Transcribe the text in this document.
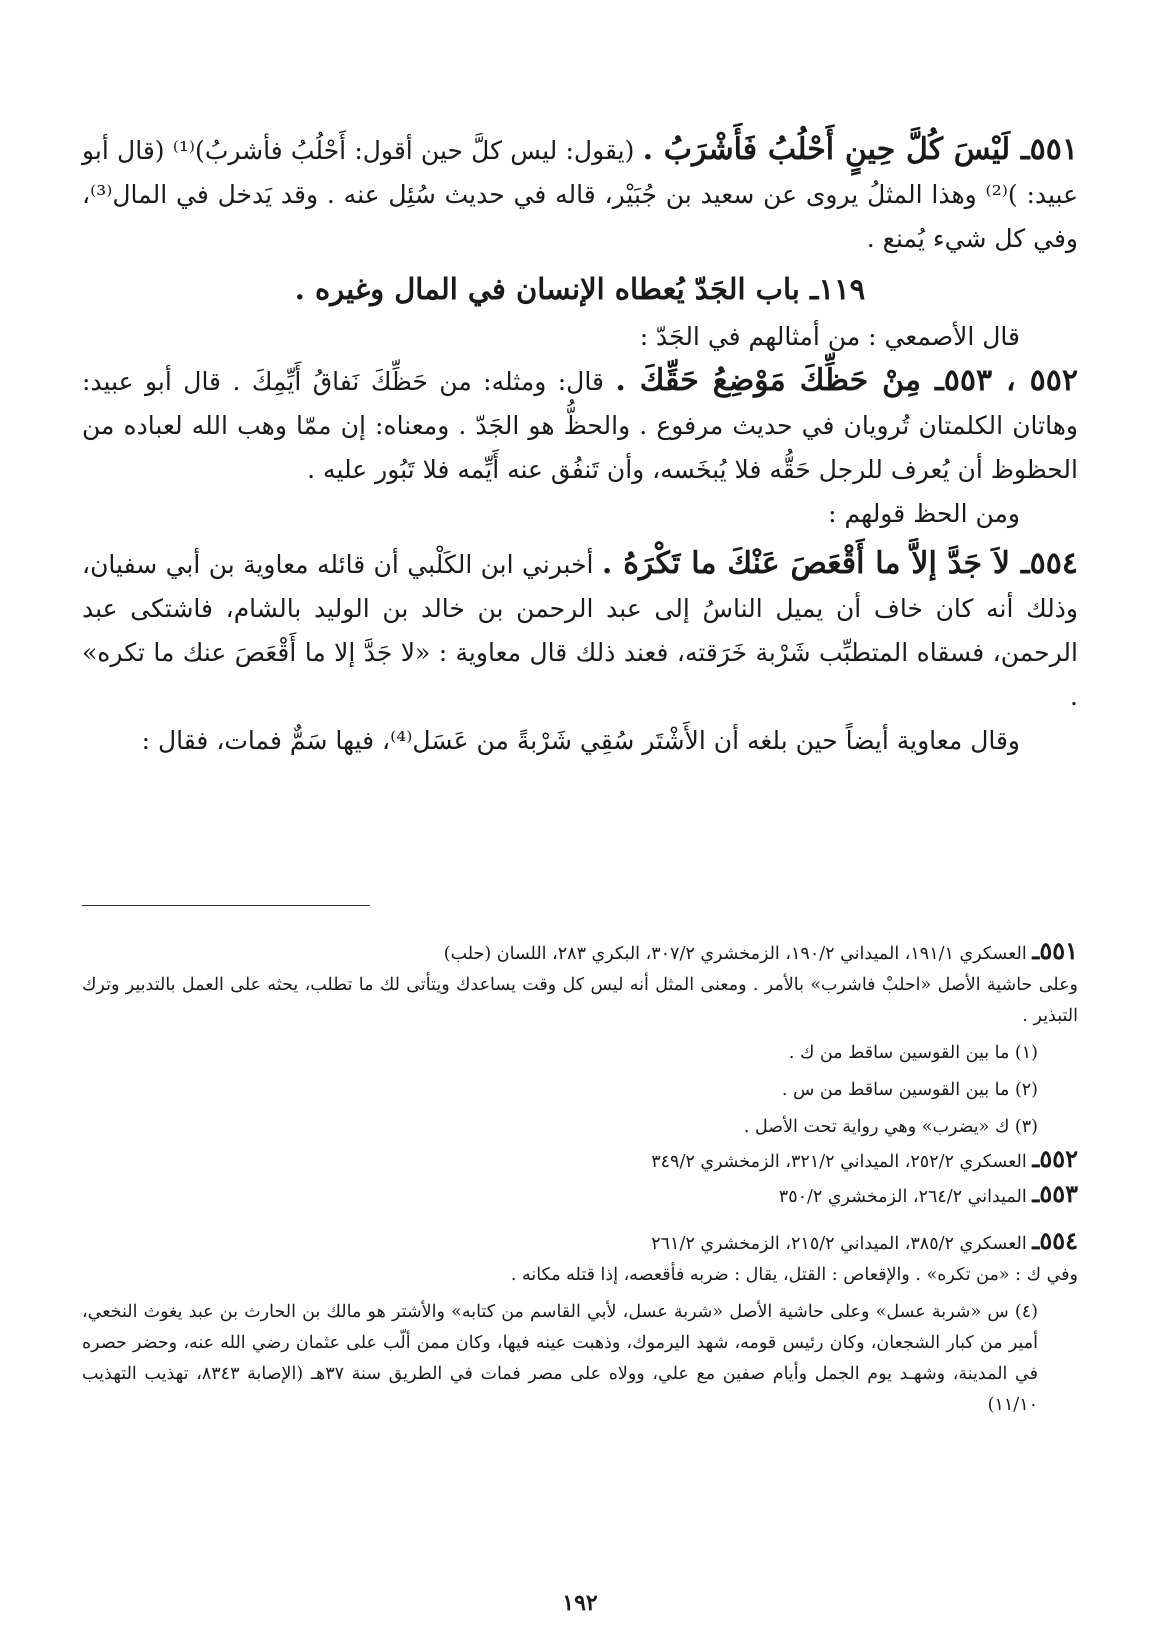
٥٥١ـ لَيْسَ كُلَّ حِينٍ أَحْلُبُ فَأَشْرَبُ . (يقول: ليس كلَّ حين أقول: أَحْلُبُ فأشربُ)⁽¹⁾ (قال أبو عبيد: )⁽²⁾ وهذا المثلُ يروى عن سعيد بن جُبَيْر، قاله في حديث سُئِل عنه . وقد يَدخل في المال⁽³⁾، وفي كل شيء يُمنع .

١١٩ـ باب الجَدّ يُعطاه الإنسان في المال وغيره .

قال الأصمعي : من أمثالهم في الجَدّ :

٥٥٢ ، ٥٥٣ـ مِنْ حَظِّكَ مَوْضِعُ حَقِّكَ . قال: ومثله: من حَظِّكَ نَفاقُ أَيِّمِكَ . قال أبو عبيد: وهاتان الكلمتان تُرويان في حديث مرفوع . والحظُّ هو الجَدّ . ومعناه: إن ممّا وهب الله لعباده من الحظوظ أن يُعرف للرجل حَقُّه فلا يُبخَسه، وأن تَنفُق عنه أَيِّمه فلا تَبُور عليه .

ومن الحظ قولهم :

٥٥٤ـ لاَ جَدَّ إلاَّ ما أَقْعَصَ عَنْكَ ما تَكْرَهُ . أخبرني ابن الكَلْبي أن قائله معاوية بن أبي سفيان، وذلك أنه كان خاف أن يميل الناسُ إلى عبد الرحمن بن خالد بن الوليد بالشام، فاشتكى عبد الرحمن، فسقاه المتطبِّب شَرْبة خَرَقته، فعند ذلك قال معاوية : «لا جَدَّ إلا ما أَقْعَصَ عنك ما تكره» .

وقال معاوية أيضاً حين بلغه أن الأَشْتَر سُقِي شَرْبةً من عَسَل⁽⁴⁾، فيها سَمٌّ فمات، فقال :

٥٥١ـ العسكري ١٩١/١، الميداني ١٩٠/٢، الزمخشري ٣٠٧/٢، البكري ٢٨٣، اللسان (حلب)

وعلى حاشية الأصل «احلبْ فاشرب» بالأمر . ومعنى المثل أنه ليس كل وقت يساعدك ويتأتى لك ما تطلب، يحثه على العمل بالتدبير وترك التبذير .

(١) ما بين القوسين ساقط من ك .

(٢) ما بين القوسين ساقط من س .

(٣) ك «يضرب» وهي رواية تحت الأصل .

٥٥٢ـ العسكري ٢٥٢/٢، الميداني ٣٢١/٢، الزمخشري ٣٤٩/٢

٥٥٣ـ الميداني ٢٦٤/٢، الزمخشري ٣٥٠/٢

٥٥٤ـ العسكري ٣٨٥/٢، الميداني ٢١٥/٢، الزمخشري ٢٦١/٢

وفي ك : «من تكره» . والإقعاص : القتل، يقال : ضربه فأقعصه، إذا قتله مكانه .

(٤) س «شربة عسل» وعلى حاشية الأصل «شربة عسل، لأبي القاسم من كتابه» والأشتر هو مالك بن الحارث بن عبد يغوث النخعي، أمير من كبار الشجعان، وكان رئيس قومه، شهد اليرموك، وذهبت عينه فيها، وكان ممن ألّب على عثمان رضي الله عنه، وحضر حصره في المدينة، وشهـد يوم الجمل وأيام صفين مع علي، وولاه على مصر فمات في الطريق سنة ٣٧هـ (الإصابة ٨٣٤٣، تهذيب التهذيب ١١/١٠)

١٩٢
